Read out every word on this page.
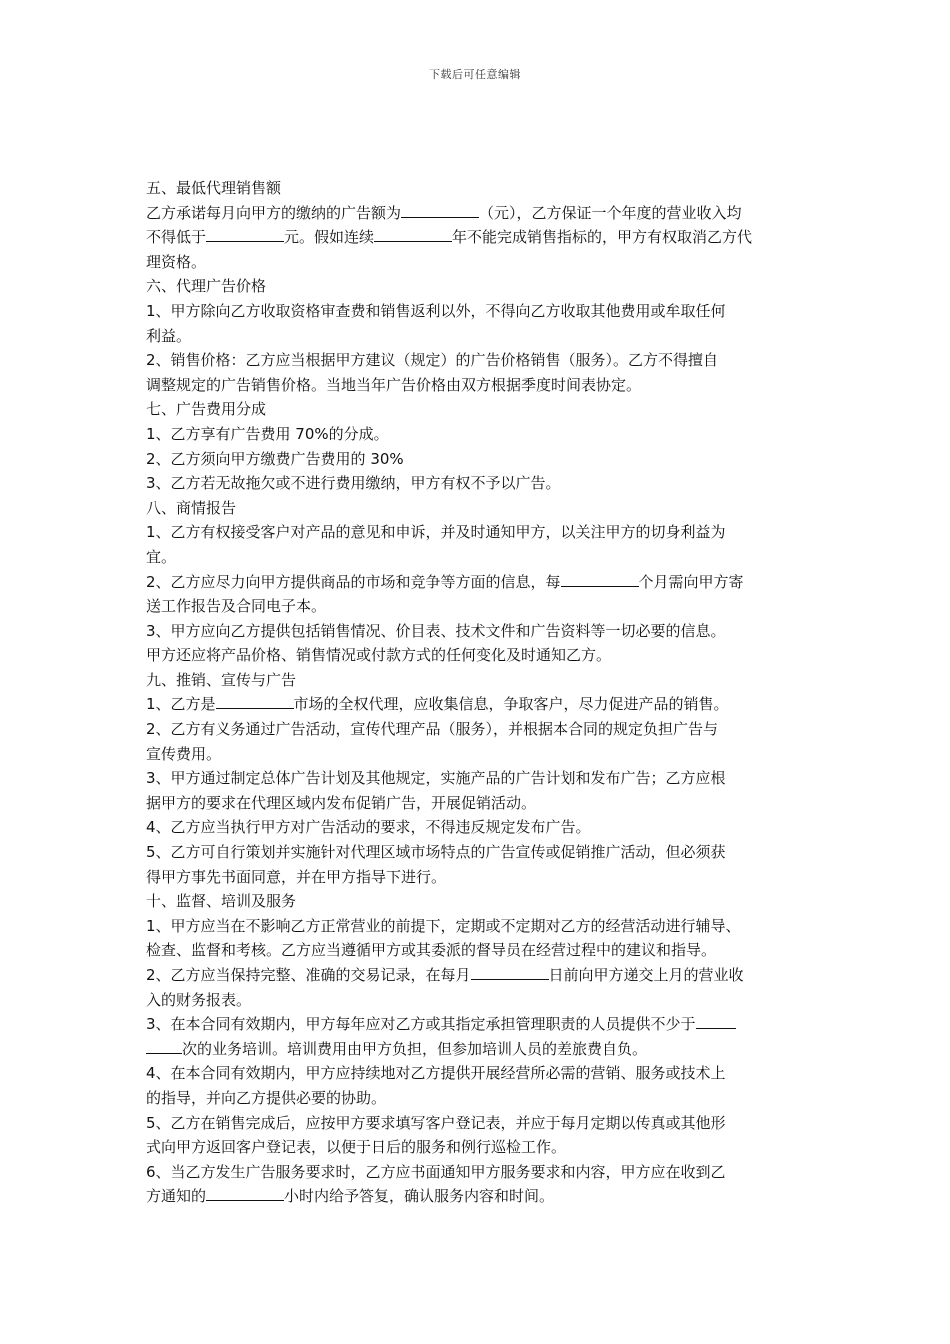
下载后可任意编辑
五、最低代理销售额
乙方承诺每月向甲方的缴纳的广告额为	（元），乙方保证一个年度的营业收入均
不得低于	元。假如连续	年不能完成销售指标的，甲方有权取消乙方代
理资格。
六、代理广告价格
1、甲方除向乙方收取资格审查费和销售返利以外，不得向乙方收取其他费用或牟取任何
利益。
2、销售价格：乙方应当根据甲方建议（规定）的广告价格销售（服务）。乙方不得擅自
调整规定的广告销售价格。当地当年广告价格由双方根据季度时间表协定。
七、广告费用分成
1、乙方享有广告费用 70%的分成。
2、乙方须向甲方缴费广告费用的 30%
3、乙方若无故拖欠或不进行费用缴纳，甲方有权不予以广告。
八、商情报告
1、乙方有权接受客户对产品的意见和申诉，并及时通知甲方，以关注甲方的切身利益为
宜。
2、乙方应尽力向甲方提供商品的市场和竞争等方面的信息，每	个月需向甲方寄
送工作报告及合同电子本。
3、甲方应向乙方提供包括销售情况、价目表、技术文件和广告资料等一切必要的信息。
甲方还应将产品价格、销售情况或付款方式的任何变化及时通知乙方。
九、推销、宣传与广告
1、乙方是	市场的全权代理，应收集信息，争取客户，尽力促进产品的销售。
2、乙方有义务通过广告活动，宣传代理产品（服务），并根据本合同的规定负担广告与
宣传费用。
3、甲方通过制定总体广告计划及其他规定，实施产品的广告计划和发布广告；乙方应根
据甲方的要求在代理区域内发布促销广告，开展促销活动。
4、乙方应当执行甲方对广告活动的要求，不得违反规定发布广告。
5、乙方可自行策划并实施针对代理区域市场特点的广告宣传或促销推广活动，但必须获
得甲方事先书面同意，并在甲方指导下进行。
十、监督、培训及服务
1、甲方应当在不影响乙方正常营业的前提下，定期或不定期对乙方的经营活动进行辅导、
检查、监督和考核。乙方应当遵循甲方或其委派的督导员在经营过程中的建议和指导。
2、乙方应当保持完整、准确的交易记录，在每月	日前向甲方递交上月的营业收
入的财务报表。
3、在本合同有效期内，甲方每年应对乙方或其指定承担管理职责的人员提供不少于
次的业务培训。培训费用由甲方负担，但参加培训人员的差旅费自负。
4、在本合同有效期内，甲方应持续地对乙方提供开展经营所必需的营销、服务或技术上
的指导，并向乙方提供必要的协助。
5、乙方在销售完成后，应按甲方要求填写客户登记表，并应于每月定期以传真或其他形
式向甲方返回客户登记表，以便于日后的服务和例行巡检工作。
6、当乙方发生广告服务要求时，乙方应书面通知甲方服务要求和内容，甲方应在收到乙
方通知的	小时内给予答复，确认服务内容和时间。
